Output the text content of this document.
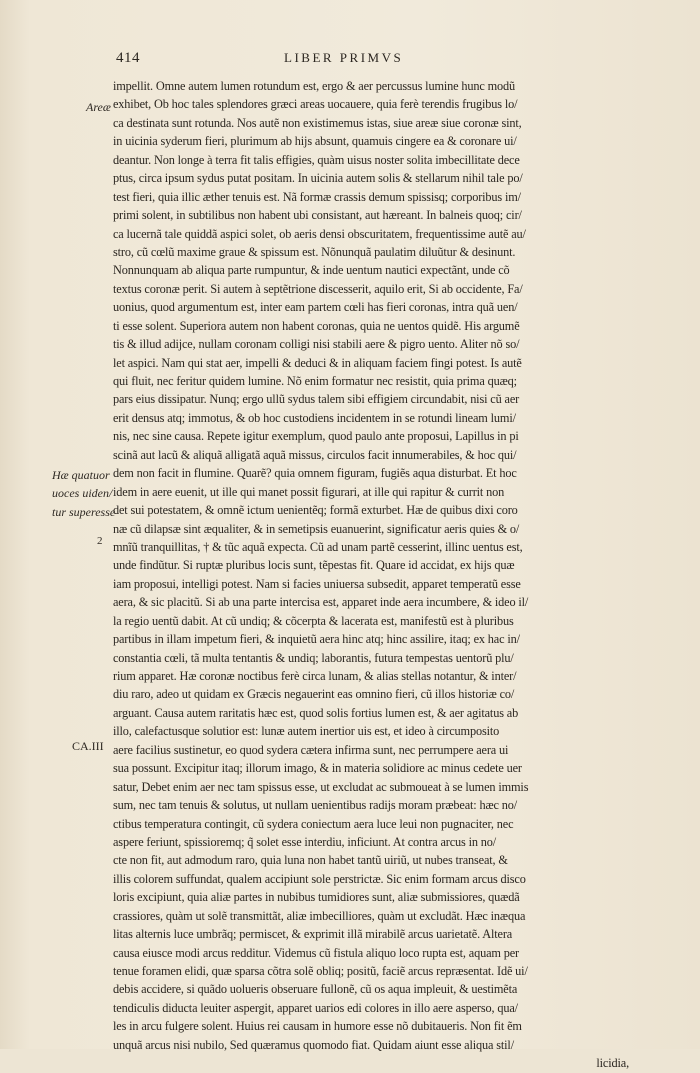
414	LIBER PRIMVS
Areæ
Hæ quatuor
uoces uiden/
tur superesse
2
CA.III
impellit. Omne autem lumen rotundum est, ergo & aer percussus lumine hunc modũ
exhibet, Ob hoc tales splendores græci areas uocauere, quia ferè terendis frugibus lo/
ca destinata sunt rotunda. Nos autẽ non existimemus istas, siue areæ siue coronæ sint,
in uicinia syderum fieri, plurimum ab hijs absunt, quamuis cingere ea & coronare ui/
deantur. Non longe à terra fit talis effigies, quàm uisus noster solita imbecillitate dece
ptus, circa ipsum sydus putat positam. In uicinia autem solis & stellarum nihil tale po/
test fieri, quia illic æther tenuis est. Nã formæ crassis demum spissisq; corporibus im/
primi solent, in subtilibus non habent ubi consistant, aut hæreant. In balneis quoq; cir/
ca lucernã tale quiddã aspici solet, ob aeris densi obscuritatem, frequentissime autẽ au/
stro, cũ cœlũ maxime graue & spissum est. Nõnunquã paulatim diluũtur & desinunt.
Nonnunquam ab aliqua parte rumpuntur, & inde uentum nautici expectãnt, unde cõ
textus coronæ perit. Si autem à septẽtrione discesserit, aquilo erit, Si ab occidente, Fa/
uonius, quod argumentum est, inter eam partem cœli has fieri coronas, intra quã uen/
ti esse solent. Superiora autem non habent coronas, quia ne uentos quidẽ. His argumẽ
tis & illud adijce, nullam coronam colligi nisi stabili aere & pigro uento. Aliter nõ so/
let aspici. Nam qui stat aer, impelli & deduci & in aliquam faciem fingi potest. Is autẽ
qui fluit, nec feritur quidem lumine. Nõ enim formatur nec resistit, quia prima quæq;
pars eius dissipatur. Nunq; ergo ullũ sydus talem sibi effigiem circundabit, nisi cũ aer
erit densus atq; immotus, & ob hoc custodiens incidentem in se rotundi lineam lumi/
nis, nec sine causa. Repete igitur exemplum, quod paulo ante proposui, Lapillus in pi
scinã aut lacũ & aliquã alligatã aquã missus, circulos facit innumerabiles, & hoc qui/
dem non facit in flumine. Quarẽ? quia omnem figuram, fugiẽs aqua disturbat. Et hoc
idem in aere euenit, ut ille qui manet possit figurari, at ille qui rapitur & currit non
det sui potestatem, & omnẽ ictum uenientẽq; formã exturbet. Hæ de quibus dixi coro
næ cũ dilapsæ sint æqualiter, & in semetipsis euanuerint, significatur aeris quies & o/
mnĩũ tranquillitas, † & tũc aquã expecta. Cũ ad unam partẽ cesserint, illinc uentus est,
unde findũtur. Si ruptæ pluribus locis sunt, tẽpestas fit. Quare id accidat, ex hijs quæ
iam proposui, intelligi potest. Nam si facies uniuersa subsedit, apparet temperatũ esse
aera, & sic placitũ. Si ab una parte intercisa est, apparet inde aera incumbere, & ideo il/
la regio uentũ dabit. At cũ undiq; & cõcerpta & lacerata est, manifestũ est à pluribus
partibus in illam impetum fieri, & inquietũ aera hinc atq; hinc assilire, itaq; ex hac in/
constantia cœli, tã multa tentantis & undiq; laborantis, futura tempestas uentorũ plu/
rium apparet. Hæ coronæ noctibus ferè circa lunam, & alias stellas notantur, & inter/
diu raro, adeo ut quidam ex Græcis negauerint eas omnino fieri, cũ illos historiæ co/
arguant. Causa autem raritatis hæc est, quod solis fortius lumen est, & aer agitatus ab
illo, calefactusque solutior est: lunæ autem inertior uis est, et ideo à circumposito
aere facilius sustinetur, eo quod sydera cætera infirma sunt, nec perrumpere aera ui
sua possunt. Excipitur itaq; illorum imago, & in materia solidiore ac minus cedete uer
satur, Debet enim aer nec tam spissus esse, ut excludat ac submoueat à se lumen immis
sum, nec tam tenuis & solutus, ut nullam uenientibus radijs moram præbeat: hæc no/
ctibus temperatura contingit, cũ sydera coniectum aera luce leui non pugnaciter, nec
aspere feriunt, spissioremq; q̃ solet esse interdiu, inficiunt. At contra arcus in no/
cte non fit, aut admodum raro, quia luna non habet tantũ uiriũ, ut nubes transeat, &
illis colorem suffundat, qualem accipiunt sole perstrictæ. Sic enim formam arcus disco
loris excipiunt, quia aliæ partes in nubibus tumidiores sunt, aliæ submissiores, quædã
crassiores, quàm ut solẽ transmittãt, aliæ imbecilliores, quàm ut excludãt. Hæc inæqua
litas alternis luce umbrãq; permiscet, & exprimit illã mirabilẽ arcus uarietatẽ. Altera
causa eiusce modi arcus redditur. Videmus cũ fistula aliquo loco rupta est, aquam per
tenue foramen elidi, quæ sparsa cõtra solẽ obliq; positũ, faciẽ arcus repræsentat. Idẽ ui/
debis accidere, si quãdo uolueris obseruare fullonẽ, cũ os aqua impleuit, & uestimẽta
tendiculis diducta leuiter aspergit, apparet uarios edi colores in illo aere asperso, qua/
les in arcu fulgere solent. Huius rei causam in humore esse nõ dubitaueris. Non fit ẽm
unquã arcus nisi nubilo, Sed quæramus quomodo fiat. Quidam aiunt esse aliqua stil/
licidia,
